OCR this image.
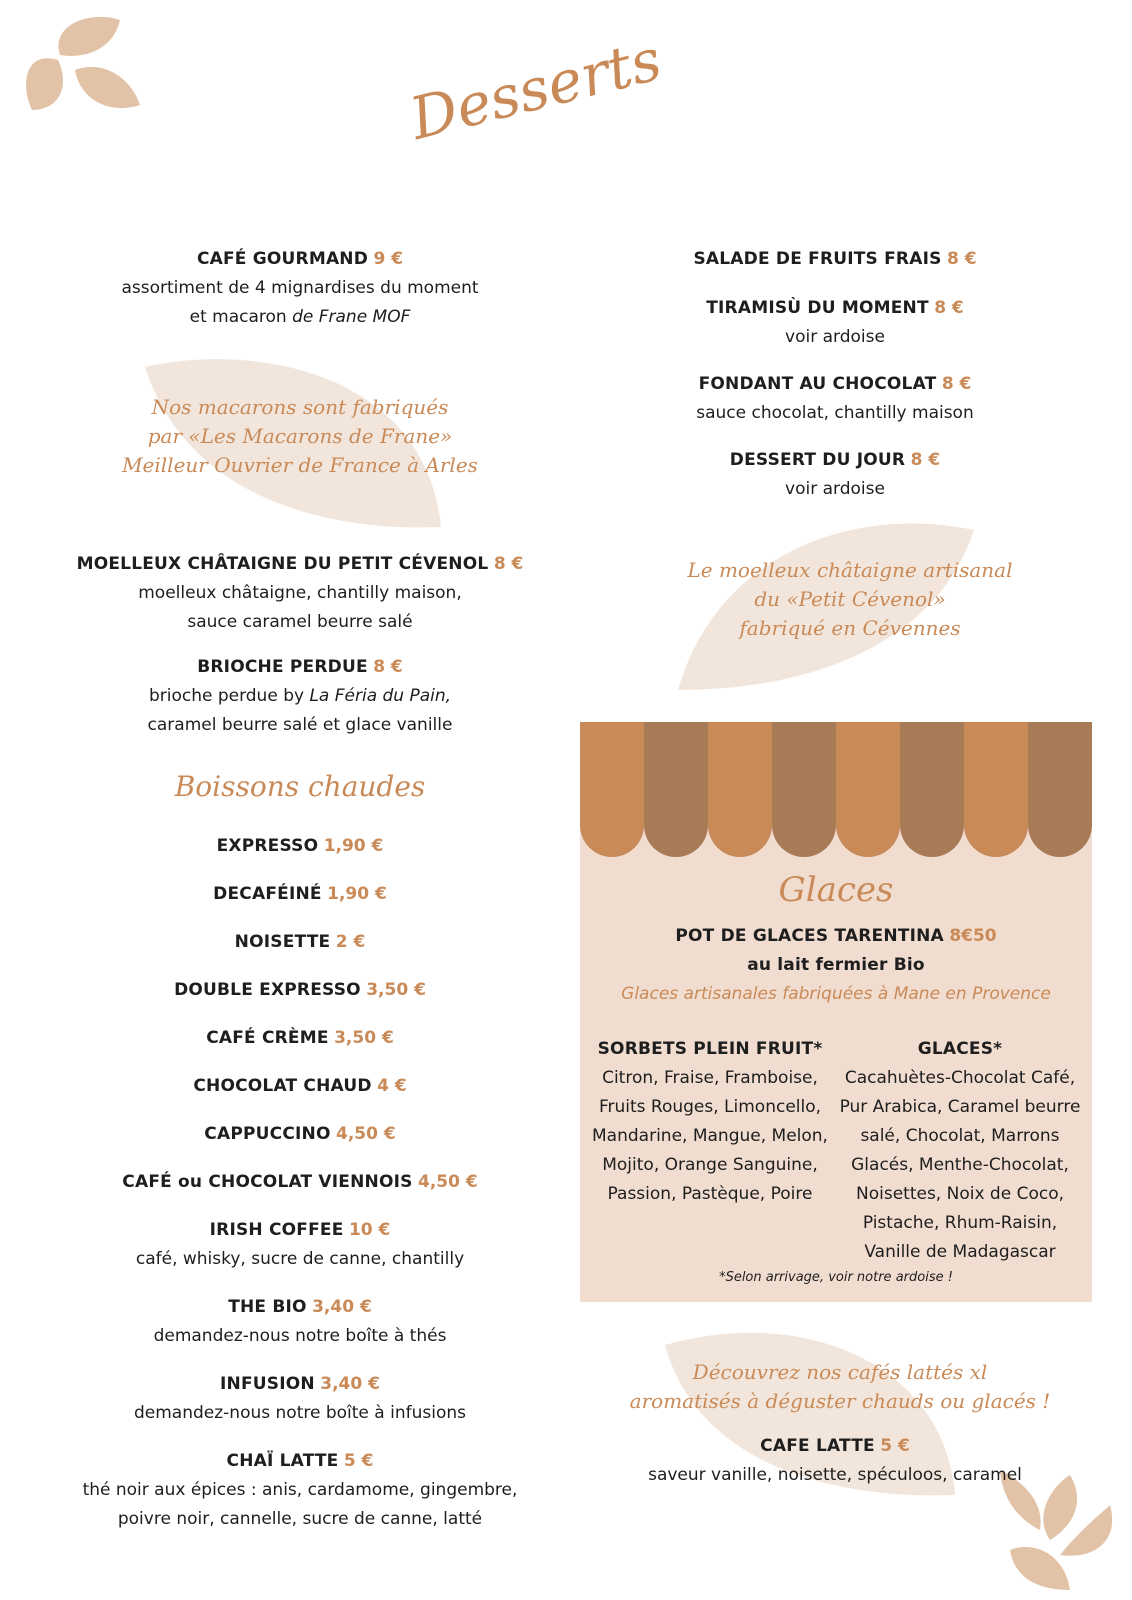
Desserts
CAFÉ GOURMAND 9 €
assortiment de 4 mignardises du moment
et macaron de Frane MOF
Nos macarons sont fabriqués
par «Les Macarons de Frane»
Meilleur Ouvrier de France à Arles
MOELLEUX CHÂTAIGNE DU PETIT CÉVENOL 8 €
moelleux châtaigne, chantilly maison,
sauce caramel beurre salé
BRIOCHE PERDUE 8 €
brioche perdue by La Féria du Pain,
caramel beurre salé et glace vanille
Boissons chaudes
EXPRESSO 1,90 €
DECAFÉINÉ 1,90 €
NOISETTE 2 €
DOUBLE EXPRESSO 3,50 €
CAFÉ CRÈME 3,50 €
CHOCOLAT CHAUD 4 €
CAPPUCCINO 4,50 €
CAFÉ ou CHOCOLAT VIENNOIS 4,50 €
IRISH COFFEE 10 €
café, whisky, sucre de canne, chantilly
THE BIO 3,40 €
demandez-nous notre boîte à thés
INFUSION 3,40 €
demandez-nous notre boîte à infusions
CHAÏ LATTE 5 €
thé noir aux épices : anis, cardamome, gingembre,
poivre noir, cannelle, sucre de canne, latté
SALADE DE FRUITS FRAIS 8 €
TIRAMISÙ DU MOMENT 8 €
voir ardoise
FONDANT AU CHOCOLAT 8 €
sauce chocolat, chantilly maison
DESSERT DU JOUR 8 €
voir ardoise
Le moelleux châtaigne artisanal
du «Petit Cévenol»
fabriqué en Cévennes
Glaces
POT DE GLACES TARENTINA 8€50
au lait fermier Bio
Glaces artisanales fabriquées à Mane en Provence
SORBETS PLEIN FRUIT*
Citron, Fraise, Framboise,
Fruits Rouges, Limoncello,
Mandarine, Mangue, Melon,
Mojito, Orange Sanguine,
Passion, Pastèque, Poire
GLACES*
Cacahuètes-Chocolat Café,
Pur Arabica, Caramel beurre
salé, Chocolat, Marrons
Glacés, Menthe-Chocolat,
Noisettes, Noix de Coco,
Pistache, Rhum-Raisin,
Vanille de Madagascar
*Selon arrivage, voir notre ardoise !
Découvrez nos cafés lattés xl
aromatisés à déguster chauds ou glacés !
CAFE LATTE 5 €
saveur vanille, noisette, spéculoos, caramel
